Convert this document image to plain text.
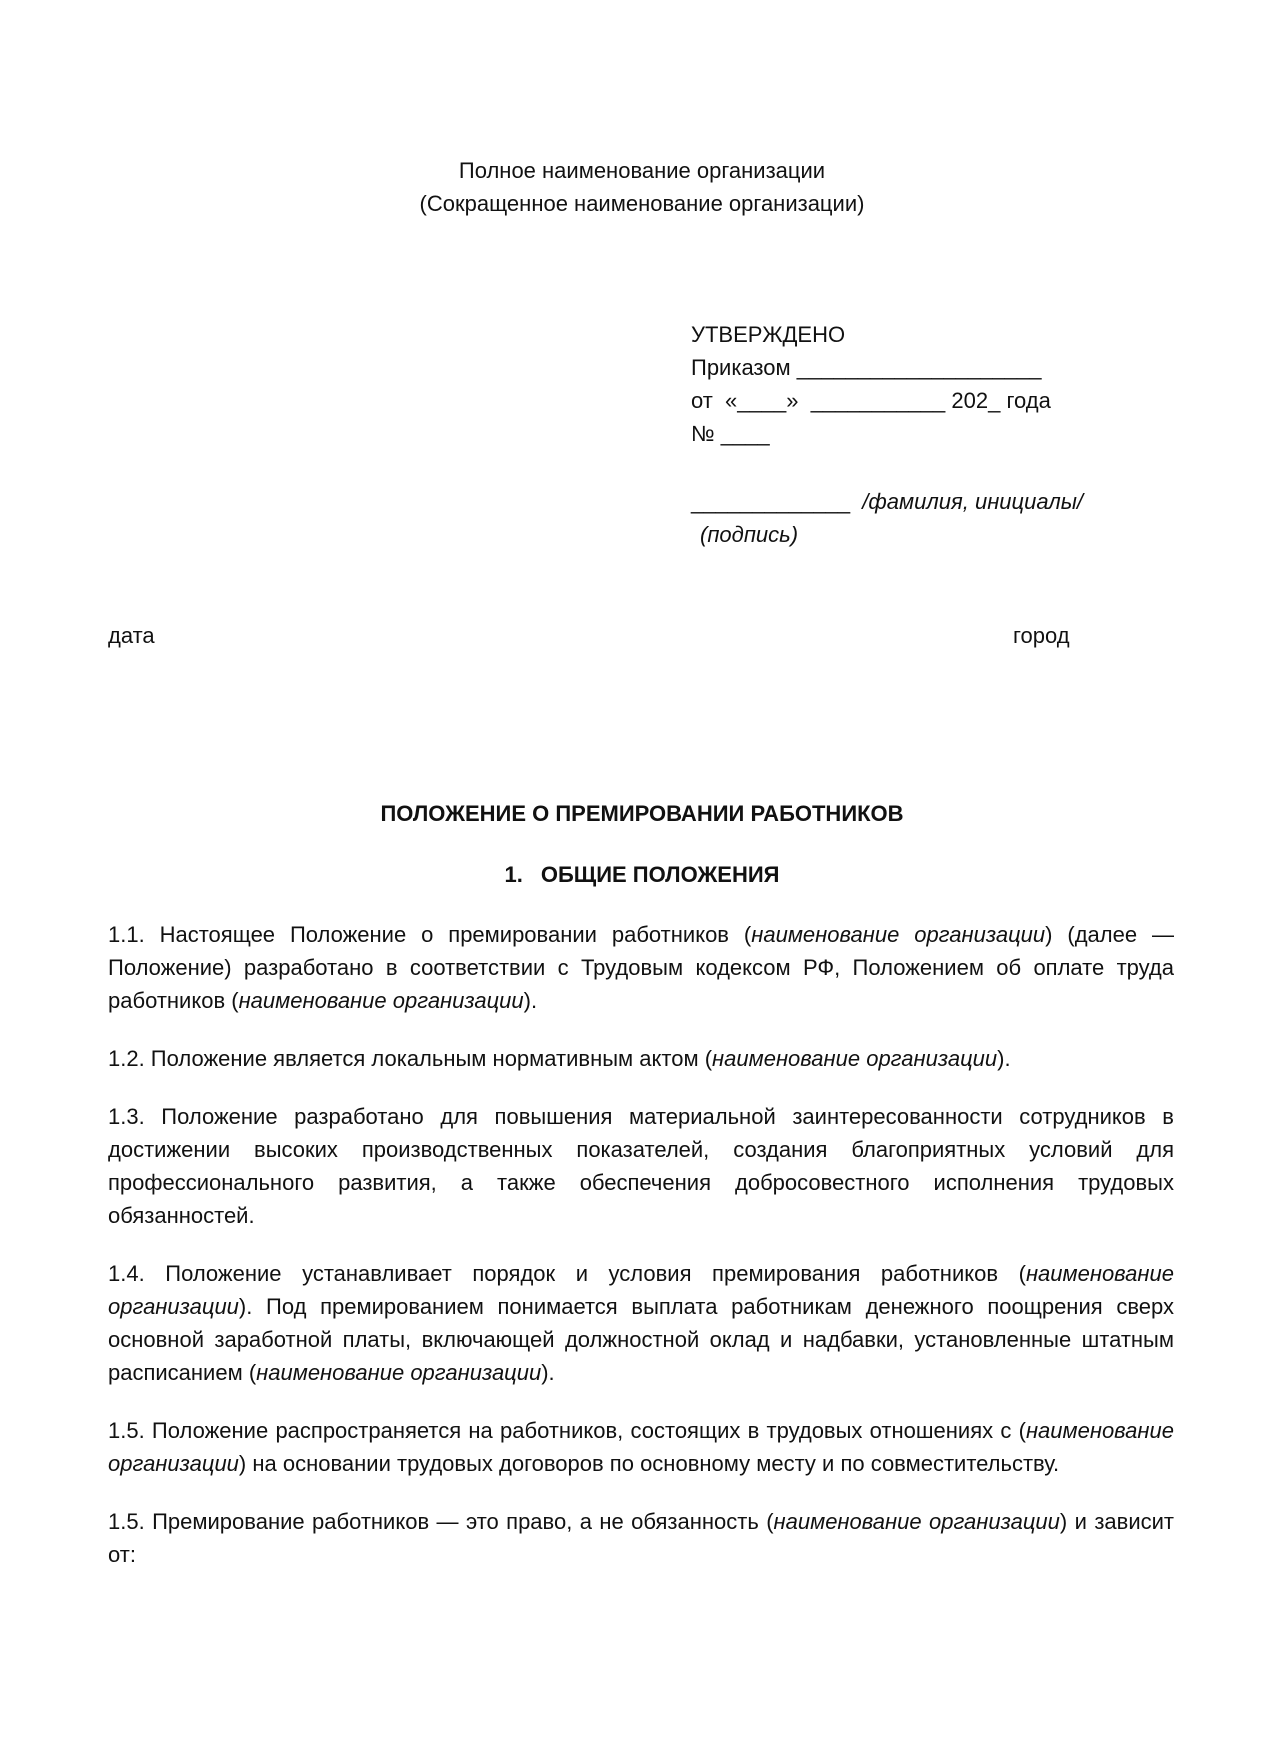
Полное наименование организации
(Сокращенное наименование организации)
УТВЕРЖДЕНО
Приказом ____________________
от  «____»  ___________ 202_ года
№ ____
_____________  /фамилия, инициалы/
(подпись)
дата	город
ПОЛОЖЕНИЕ О ПРЕМИРОВАНИИ РАБОТНИКОВ
1. ОБЩИЕ ПОЛОЖЕНИЯ

1.1. Настоящее Положение о премировании работников (наименование организации) (далее — Положение) разработано в соответствии с Трудовым кодексом РФ, Положением об оплате труда работников (наименование организации).

1.2. Положение является локальным нормативным актом (наименование организации).

1.3. Положение разработано для повышения материальной заинтересованности сотрудников в достижении высоких производственных показателей, создания благоприятных условий для профессионального развития, а также обеспечения добросовестного исполнения трудовых обязанностей.

1.4. Положение устанавливает порядок и условия премирования работников (наименование организации). Под премированием понимается выплата работникам денежного поощрения сверх основной заработной платы, включающей должностной оклад и надбавки, установленные штатным расписанием (наименование организации).

1.5. Положение распространяется на работников, состоящих в трудовых отношениях с (наименование организации) на основании трудовых договоров по основному месту и по совместительству.

1.5. Премирование работников — это право, а не обязанность (наименование организации) и зависит от:
